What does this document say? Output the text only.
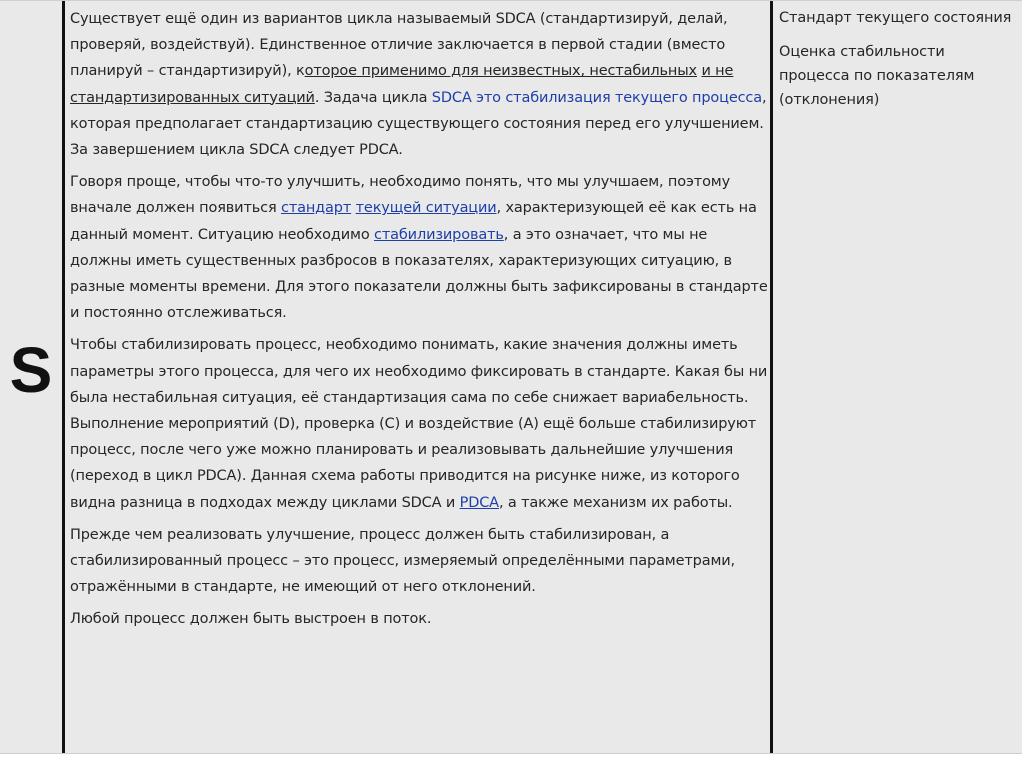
S

Существует ещё один из вариантов цикла называемый SDCA (стандартизируй, делай, проверяй, воздействуй). Единственное отличие заключается в первой стадии (вместо планируй – стандартизируй), которое применимо для неизвестных, нестабильных и не стандартизированных ситуаций. Задача цикла SDCA это стабилизация текущего процесса, которая предполагает стандартизацию существующего состояния перед его улучшением. За завершением цикла SDCA следует PDCA.

Говоря проще, чтобы что-то улучшить, необходимо понять, что мы улучшаем, поэтому вначале должен появиться стандарт текущей ситуации, характеризующей её как есть на данный момент. Ситуацию необходимо стабилизировать, а это означает, что мы не должны иметь существенных разбросов в показателях, характеризующих ситуацию, в разные моменты времени. Для этого показатели должны быть зафиксированы в стандарте и постоянно отслеживаться.

Чтобы стабилизировать процесс, необходимо понимать, какие значения должны иметь параметры этого процесса, для чего их необходимо фиксировать в стандарте. Какая бы ни была нестабильная ситуация, её стандартизация сама по себе снижает вариабельность. Выполнение мероприятий (D), проверка (C) и воздействие (A) ещё больше стабилизируют процесс, после чего уже можно планировать и реализовывать дальнейшие улучшения (переход в цикл PDCA). Данная схема работы приводится на рисунке ниже, из которого видна разница в подходах между циклами SDCA и PDCA, а также механизм их работы.

Прежде чем реализовать улучшение, процесс должен быть стабилизирован, а стабилизированный процесс – это процесс, измеряемый определёнными параметрами, отражёнными в стандарте, не имеющий от него отклонений.

Любой процесс должен быть выстроен в поток.

Стандарт текущего состояния

Оценка стабильности процесса по показателям (отклонения)
